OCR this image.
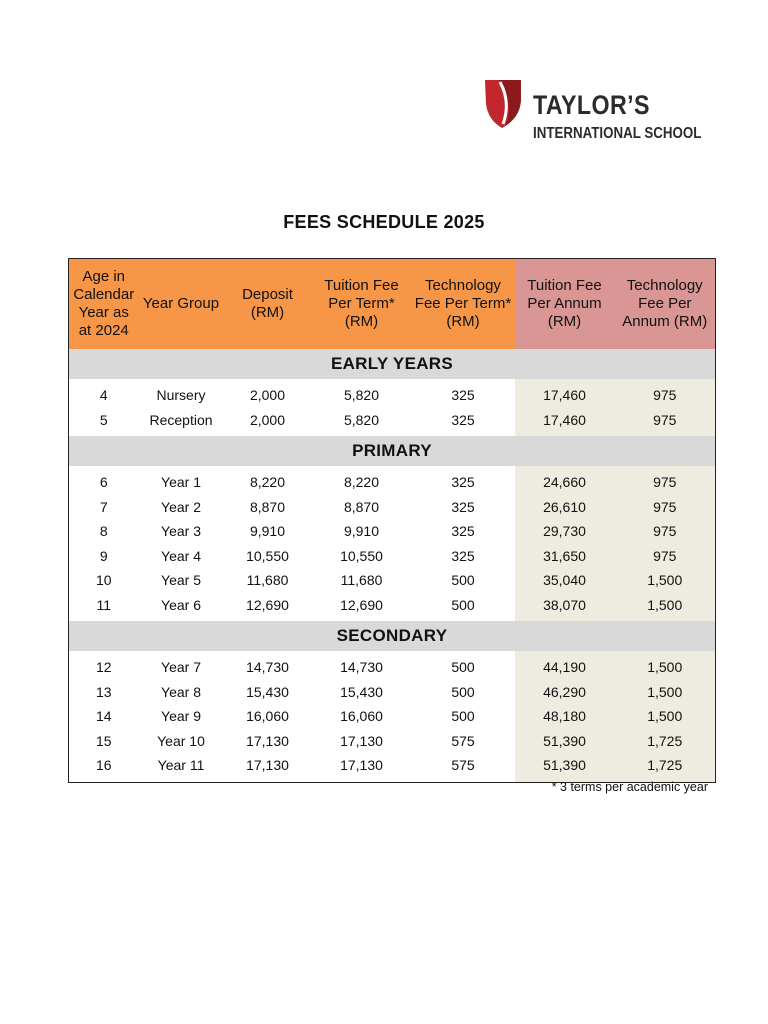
TAYLOR’S
INTERNATIONAL SCHOOL
FEES SCHEDULE 2025
Age in Calendar Year as at 2024	Year Group	Deposit (RM)	Tuition Fee Per Term* (RM)	Technology Fee Per Term* (RM)	Tuition Fee Per Annum (RM)	Technology Fee Per Annum (RM)
EARLY YEARS						
4	Nursery	2,000	5,820	325	17,460	975
5	Reception	2,000	5,820	325	17,460	975
PRIMARY						
6	Year 1	8,220	8,220	325	24,660	975
7	Year 2	8,870	8,870	325	26,610	975
8	Year 3	9,910	9,910	325	29,730	975
9	Year 4	10,550	10,550	325	31,650	975
10	Year 5	11,680	11,680	500	35,040	1,500
11	Year 6	12,690	12,690	500	38,070	1,500
SECONDARY						
12	Year 7	14,730	14,730	500	44,190	1,500
13	Year 8	15,430	15,430	500	46,290	1,500
14	Year 9	16,060	16,060	500	48,180	1,500
15	Year 10	17,130	17,130	575	51,390	1,725
16	Year 11	17,130	17,130	575	51,390	1,725
* 3 terms per academic year
